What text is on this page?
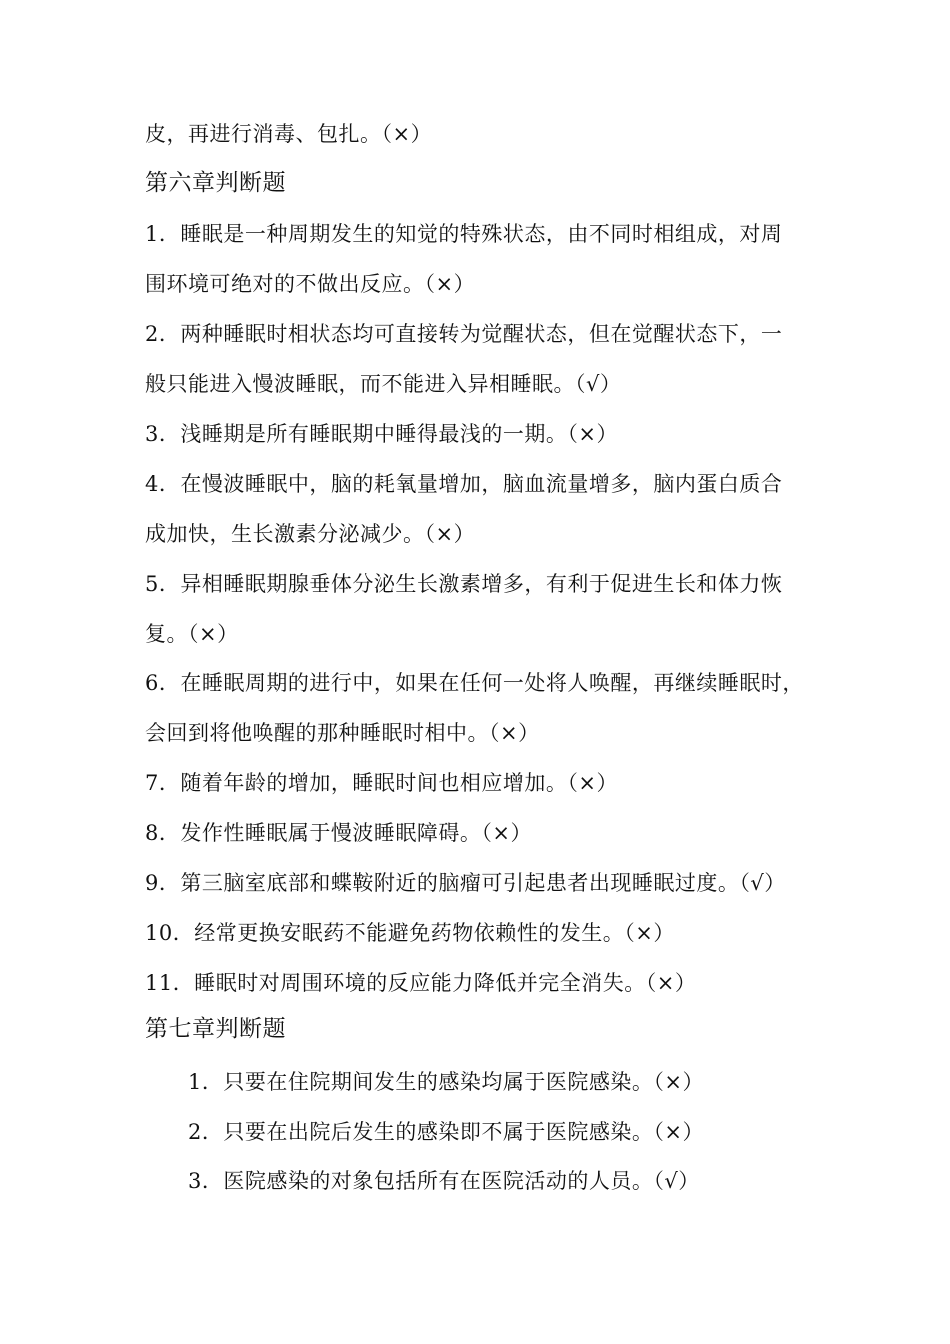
皮，再进行消毒、包扎。（×）
第六章判断题
1．睡眠是一种周期发生的知觉的特殊状态，由不同时相组成，对周
围环境可绝对的不做出反应。（×）
2．两种睡眠时相状态均可直接转为觉醒状态，但在觉醒状态下，一
般只能进入慢波睡眠，而不能进入异相睡眠。（√）
3．浅睡期是所有睡眠期中睡得最浅的一期。（×）
4．在慢波睡眠中，脑的耗氧量增加，脑血流量增多，脑内蛋白质合
成加快，生长激素分泌减少。（×）
5．异相睡眠期腺垂体分泌生长激素增多，有利于促进生长和体力恢
复。（×）
6．在睡眠周期的进行中，如果在任何一处将人唤醒，再继续睡眠时，
会回到将他唤醒的那种睡眠时相中。（×）
7．随着年龄的增加，睡眠时间也相应增加。（×）
8．发作性睡眠属于慢波睡眠障碍。（×）
9．第三脑室底部和蝶鞍附近的脑瘤可引起患者出现睡眠过度。（√）
10．经常更换安眠药不能避免药物依赖性的发生。（×）
11．睡眠时对周围环境的反应能力降低并完全消失。（×）
第七章判断题
1．只要在住院期间发生的感染均属于医院感染。（×）
2．只要在出院后发生的感染即不属于医院感染。（×）
3．医院感染的对象包括所有在医院活动的人员。（√）
